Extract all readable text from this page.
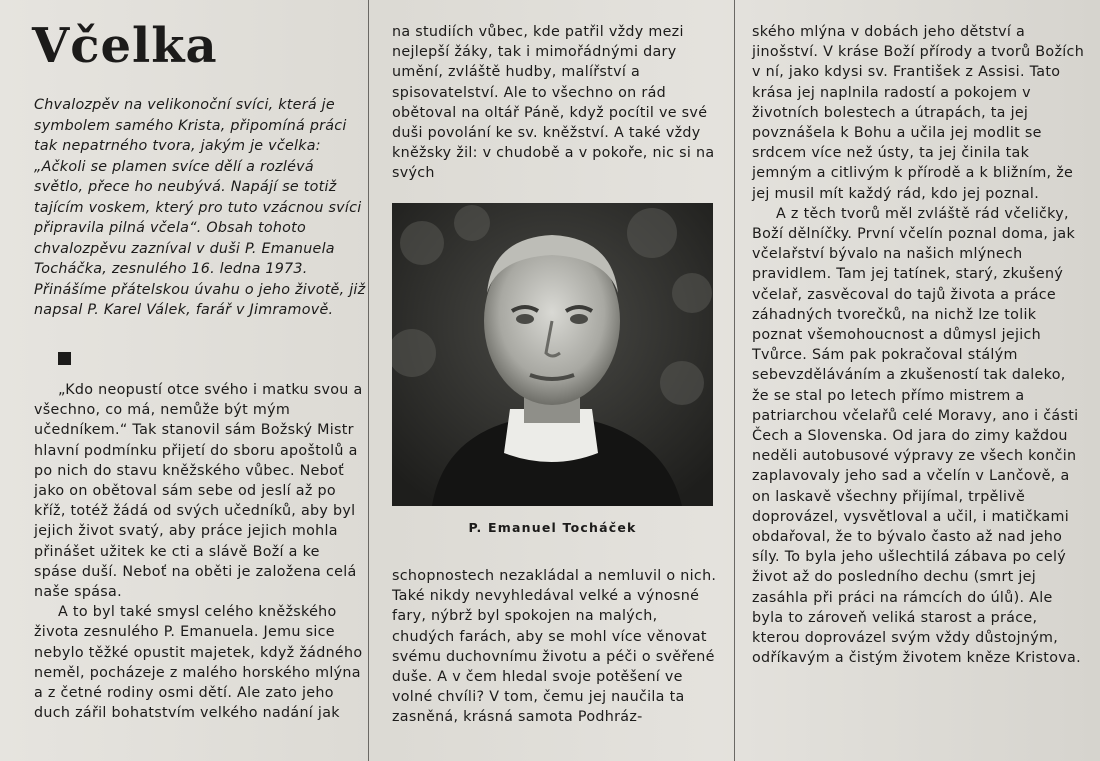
Včelka

Chvalozpěv na velikonoční svíci, která je symbolem samého Krista, připomíná práci tak nepatrného tvora, jakým je včelka: „Ačkoli se plamen svíce dělí a rozlévá světlo, přece ho neubývá. Napájí se totiž tajícím voskem, který pro tuto vzácnou svíci připravila pilná včela“. Obsah tohoto chvalozpěvu zazníval v duši P. Emanuela Tocháčka, zesnulého 16. ledna 1973. Přinášíme přátelskou úvahu o jeho životě, již napsal P. Karel Válek, farář v Jimramově.

„Kdo neopustí otce svého i matku svou a všechno, co má, nemůže být mým učedníkem.“ Tak stanovil sám Božský Mistr hlavní podmínku přijetí do sboru apoštolů a po nich do stavu kněžského vůbec. Neboť jako on obětoval sám sebe od jeslí až po kříž, totéž žádá od svých učedníků, aby byl jejich život svatý, aby práce jejich mohla přinášet užitek ke cti a slávě Boží a ke spáse duší. Neboť na oběti je založena celá naše spása.

A to byl také smysl celého kněžského života zesnulého P. Emanuela. Jemu sice nebylo těžké opustit majetek, když žádného neměl, pocházeje z malého horského mlýna a z četné rodiny osmi dětí. Ale zato jeho duch zářil bohatstvím velkého nadání jak

na studiích vůbec, kde patřil vždy mezi nejlepší žáky, tak i mimořádnými dary umění, zvláště hudby, malířství a spisovatelství. Ale to všechno on rád obětoval na oltář Páně, když pocítil ve své duši povolání ke sv. kněžství. A také vždy kněžsky žil: v chudobě a v pokoře, nic si na svých

P. Emanuel Tocháček

schopnostech nezakládal a nemluvil o nich. Také nikdy nevyhledával velké a výnosné fary, nýbrž byl spokojen na malých, chudých farách, aby se mohl více věnovat svému duchovnímu životu a péči o svěřené duše. A v čem hledal svoje potěšení ve volné chvíli? V tom, čemu jej naučila ta zasněná, krásná samota Podhráz-

ského mlýna v dobách jeho dětství a jinošství. V kráse Boží přírody a tvorů Božích v ní, jako kdysi sv. František z Assisi. Tato krása jej naplnila radostí a pokojem v životních bolestech a útrapách, ta jej povznášela k Bohu a učila jej modlit se srdcem více než ústy, ta jej činila tak jemným a citlivým k přírodě a k bližním, že jej musil mít každý rád, kdo jej poznal.

A z těch tvorů měl zvláště rád včeličky, Boží dělníčky. První včelín poznal doma, jak včelařství bývalo na našich mlýnech pravidlem. Tam jej tatínek, starý, zkušený včelař, zasvěcoval do tajů života a práce záhadných tvorečků, na nichž lze tolik poznat všemohoucnost a důmysl jejich Tvůrce. Sám pak pokračoval stálým sebevzděláváním a zkušeností tak daleko, že se stal po letech přímo mistrem a patriarchou včelařů celé Moravy, ano i části Čech a Slovenska. Od jara do zimy každou neděli autobusové výpravy ze všech končin zaplavovaly jeho sad a včelín v Lančově, a on laskavě všechny přijímal, trpělivě doprovázel, vysvětloval a učil, i matičkami obdařoval, že to bývalo často až nad jeho síly. To byla jeho ušlechtilá zábava po celý život až do posledního dechu (smrt jej zasáhla při práci na rámcích do úlů). Ale byla to zároveň veliká starost a práce, kterou doprovázel svým vždy důstojným, odříkavým a čistým životem kněze Kristova.
